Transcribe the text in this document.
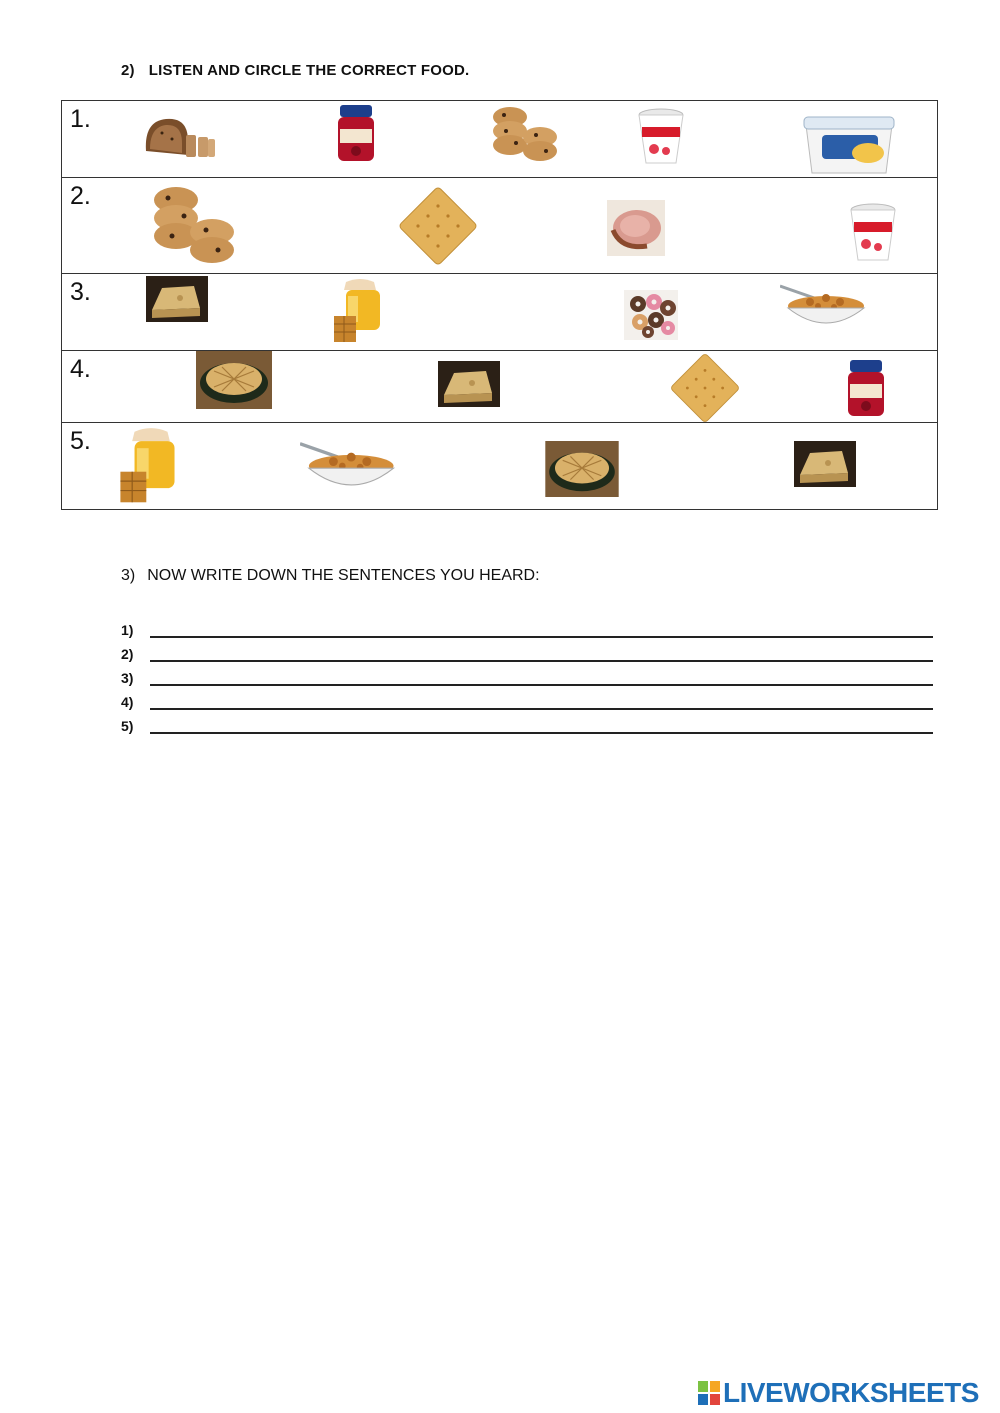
2) LISTEN AND CIRCLE THE CORRECT FOOD.
1.
2.
3.
4.
5.
3) NOW WRITE DOWN THE SENTENCES YOU HEARD:
1)
2)
3)
4)
5)
LIVEWORKSHEETS
